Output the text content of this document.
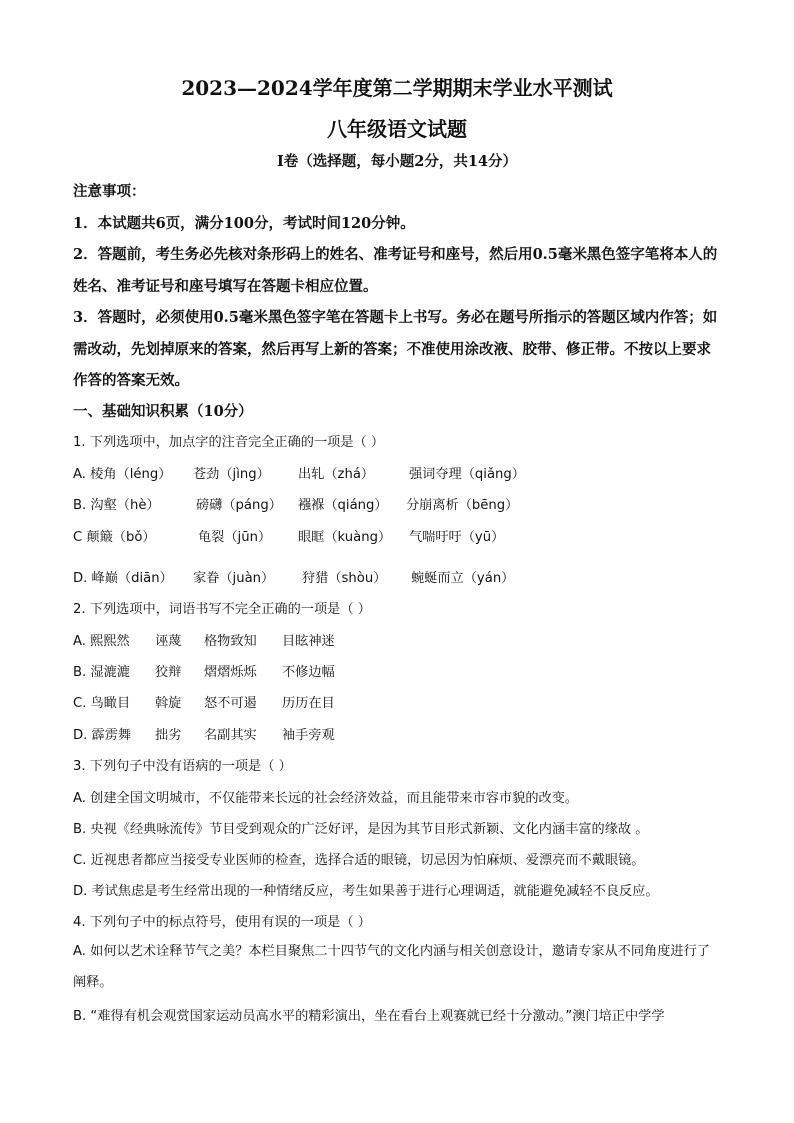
2023—2024学年度第二学期期末学业水平测试
八年级语文试题
Ⅰ卷（选择题，每小题2分，共14分）

注意事项：

1．本试题共6页，满分100分，考试时间120分钟。

2．答题前，考生务必先核对条形码上的姓名、准考证号和座号，然后用0.5毫米黑色签字笔将本人的姓名、准考证号和座号填写在答题卡相应位置。

3．答题时，必须使用0.5毫米黑色签字笔在答题卡上书写。务必在题号所指示的答题区域内作答；如需改动，先划掉原来的答案，然后再写上新的答案；不准使用涂改液、胶带、修正带。不按以上要求作答的答案无效。

一、基础知识积累（10分）
1. 下列选项中，加点字的注音完全正确的一项是（ ）
A. 棱角（léng） 苍劲（jìng） 出轧（zhá）	强词夺理（qiǎng）
B. 沟壑（hè）	磅礴（páng） 襁褓（qiáng） 分崩离析（bēng）
C 颠簸（bǒ）	龟裂（jūn） 眼眶（kuàng） 气喘吁吁（yū）
D. 峰巅（diān） 家眷（juàn） 狩猎（shòu） 蜿蜒而立（yán）
2. 下列选项中，词语书写不完全正确的一项是（ ）
A. 熙熙然 诬蔑 格物致知 目眩神迷
B. 湿漉漉 狡辩 熠熠烁烁 不修边幅
C. 鸟瞰目 斡旋 怒不可遏 历历在目
D. 霹雳舞 拙劣 名副其实 袖手旁观
3. 下列句子中没有语病的一项是（ ）
A. 创建全国文明城市，不仅能带来长远的社会经济效益，而且能带来市容市貌的改变。
B. 央视《经典咏流传》节目受到观众的广泛好评，是因为其节目形式新颖、文化内涵丰富的缘故 。
C. 近视患者都应当接受专业医师的检查，选择合适的眼镜，切忌因为怕麻烦、爱漂亮而不戴眼镜。
D. 考试焦虑是考生经常出现的一种情绪反应，考生如果善于进行心理调适，就能避免减轻不良反应。
4. 下列句子中的标点符号，使用有误的一项是（ ）

A. 如何以艺术诠释节气之美？本栏目聚焦二十四节气的文化内涵与相关创意设计，邀请专家从不同角度进行了阐释。

B. “难得有机会观赏国家运动员高水平的精彩演出，坐在看台上观赛就已经十分激动。”澳门培正中学学
